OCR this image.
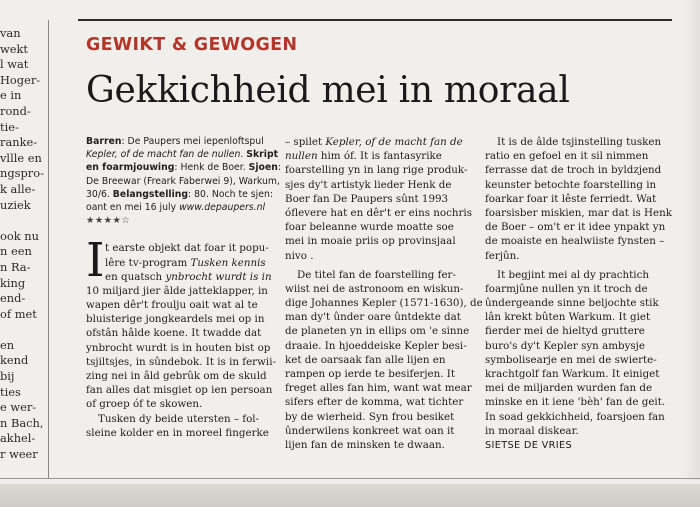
van
wekt
l wat
Hoger-
e in
rond-
tie-
ranke-
vllle en
ngspro-
k alle-
uziek
ook nu
n een
n Ra-
king
end-
of met
en
kend
bij
ties
e wer-
n Bach,
akhel-
r weer
GEWIKT & GEWOGEN
Gekkichheid mei in moraal
Barren: De Paupers mei iepenloftspul
Kepler, of de macht fan de nullen. Skript
en foarmjouwing: Henk de Boer. Sjoen:
De Breewar (Freark Faberwei 9), Warkum,
30/6. Belangstelling: 80. Noch te sjen:
oant en mei 16 july www.depaupers.nl
★★★★☆
I t earste objekt dat foar it popu-
lêre tv-program Tusken kennis
en quatsch ynbrocht wurdt is in
10 miljard jier âlde jatteklapper, in
wapen dêr't froulju oait wat al te
bluisterige jongkeardels mei op in
ofstân hâlde koene. It twadde dat
ynbrocht wurdt is in houten bist op
tsjiltsjes, in sûndebok. It is in ferwii-
zing nei in âld gebrûk om de skuld
fan alles dat misgiet op ien persoan
of groep óf te skowen.
Tusken dy beide utersten – fol-
sleine kolder en in moreel fingerke
– spilet Kepler, of de macht fan de
nullen him óf. It is fantasyrike
foarstelling yn in lang rige produk-
sjes dy't artistyk lieder Henk de
Boer fan De Paupers sûnt 1993
óflevere hat en dêr't er eins nochris
foar beleanne wurde moatte soe
mei in moaie priis op provinsjaal
nivo .
De titel fan de foarstelling fer-
wiist nei de astronoom en wiskun-
dige Johannes Kepler (1571-1630), de
man dy't ûnder oare ûntdekte dat
de planeten yn in ellips om 'e sinne
draaie. In hjoeddeiske Kepler besi-
ket de oarsaak fan alle lijen en
rampen op ierde te besiferjen. It
freget alles fan him, want wat mear
sifers efter de komma, wat tichter
by de wierheid. Syn frou besiket
ûnderwilens konkreet wat oan it
lijen fan de minsken te dwaan.
It is de âlde tsjinstelling tusken
ratio en gefoel en it sil nimmen
ferrasse dat de troch in byldzjend
keunster betochte foarstelling in
foarkar foar it lêste ferriedt. Wat
foarsisber miskien, mar dat is Henk
de Boer – om't er it idee ynpakt yn
de moaiste en healwiiste fynsten –
ferjûn.
It begjint mei al dy prachtich
foarmjûne nullen yn it troch de
ûndergeande sinne beljochte stik
lân krekt bûten Warkum. It giet
fierder mei de hieltyd gruttere
buro's dy't Kepler syn ambysje
symbolisearje en mei de swierte-
krachtgolf fan Warkum. It einiget
mei de miljarden wurden fan de
minske en it iene 'bèh' fan de geit.
In soad gekkichheid, foarsjoen fan
in moraal diskear.
SIETSE DE VRIES
